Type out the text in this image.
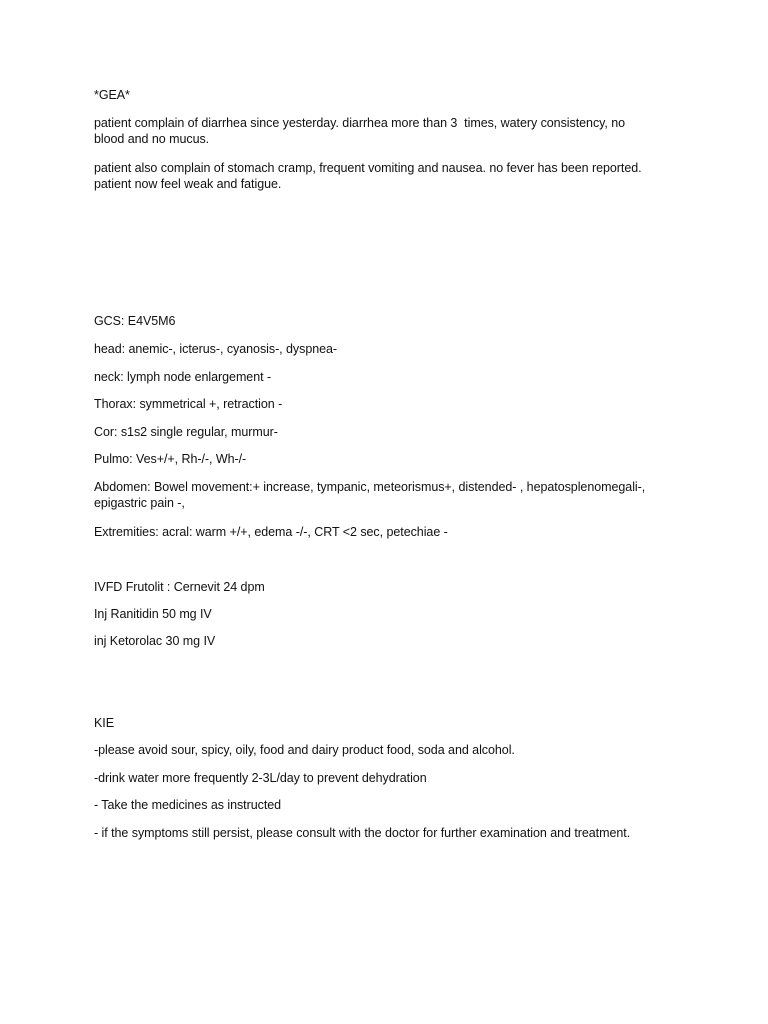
*GEA*
patient complain of diarrhea since yesterday. diarrhea more than 3  times, watery consistency, no
blood and no mucus.
patient also complain of stomach cramp, frequent vomiting and nausea. no fever has been reported.
patient now feel weak and fatigue.
GCS: E4V5M6
head: anemic-, icterus-, cyanosis-, dyspnea-
neck: lymph node enlargement -
Thorax: symmetrical +, retraction -
Cor: s1s2 single regular, murmur-
Pulmo: Ves+/+, Rh-/-, Wh-/-
Abdomen: Bowel movement:+ increase, tympanic, meteorismus+, distended- , hepatosplenomegali-,
epigastric pain -,
Extremities: acral: warm +/+, edema -/-, CRT <2 sec, petechiae -
IVFD Frutolit : Cernevit 24 dpm
Inj Ranitidin 50 mg IV
inj Ketorolac 30 mg IV
KIE
-please avoid sour, spicy, oily, food and dairy product food, soda and alcohol.
-drink water more frequently 2-3L/day to prevent dehydration
- Take the medicines as instructed
- if the symptoms still persist, please consult with the doctor for further examination and treatment.
